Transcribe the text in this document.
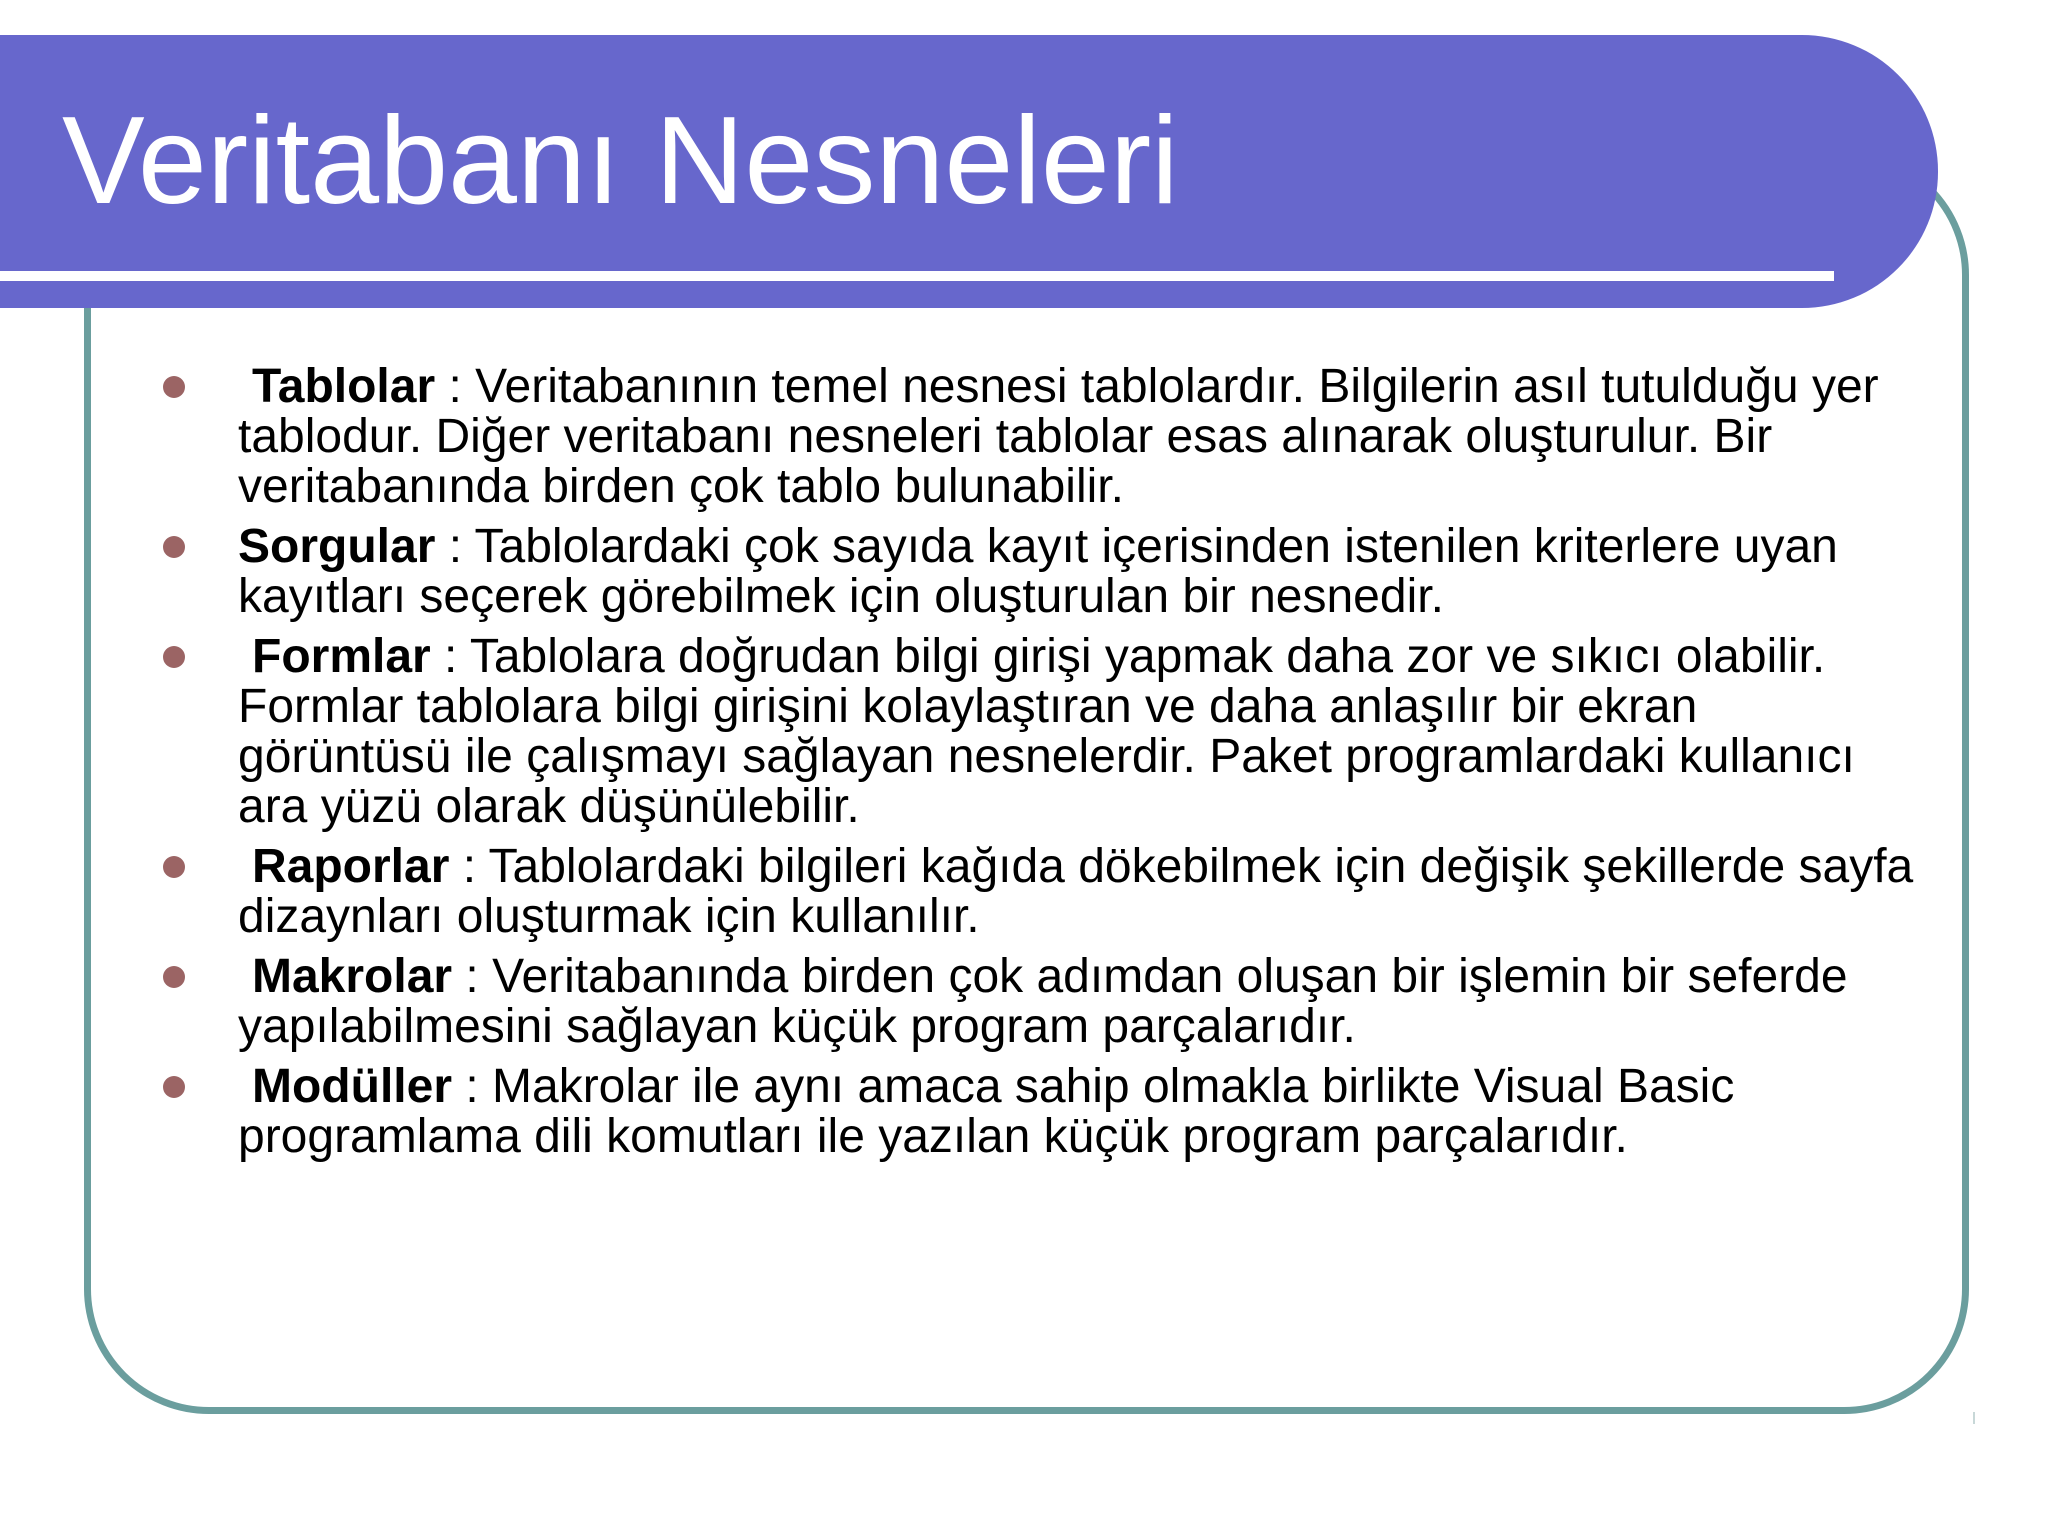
Veritabanı Nesneleri
Tablolar : Veritabanının temel nesnesi tablolardır. Bilgilerin asıl tutulduğu yer tablodur. Diğer veritabanı nesneleri tablolar esas alınarak oluşturulur. Bir veritabanında birden çok tablo bulunabilir.
Sorgular : Tablolardaki çok sayıda kayıt içerisinden istenilen kriterlere uyan kayıtları seçerek görebilmek için oluşturulan bir nesnedir.
Formlar : Tablolara doğrudan bilgi girişi yapmak daha zor ve sıkıcı olabilir. Formlar tablolara bilgi girişini kolaylaştıran ve daha anlaşılır bir ekran görüntüsü ile çalışmayı sağlayan nesnelerdir. Paket programlardaki kullanıcı ara yüzü olarak düşünülebilir.
Raporlar : Tablolardaki bilgileri kağıda dökebilmek için değişik şekillerde sayfa dizaynları oluşturmak için kullanılır.
Makrolar : Veritabanında birden çok adımdan oluşan bir işlemin bir seferde yapılabilmesini sağlayan küçük program parçalarıdır.
Modüller : Makrolar ile aynı amaca sahip olmakla birlikte Visual Basic programlama dili komutları ile yazılan küçük program parçalarıdır.
